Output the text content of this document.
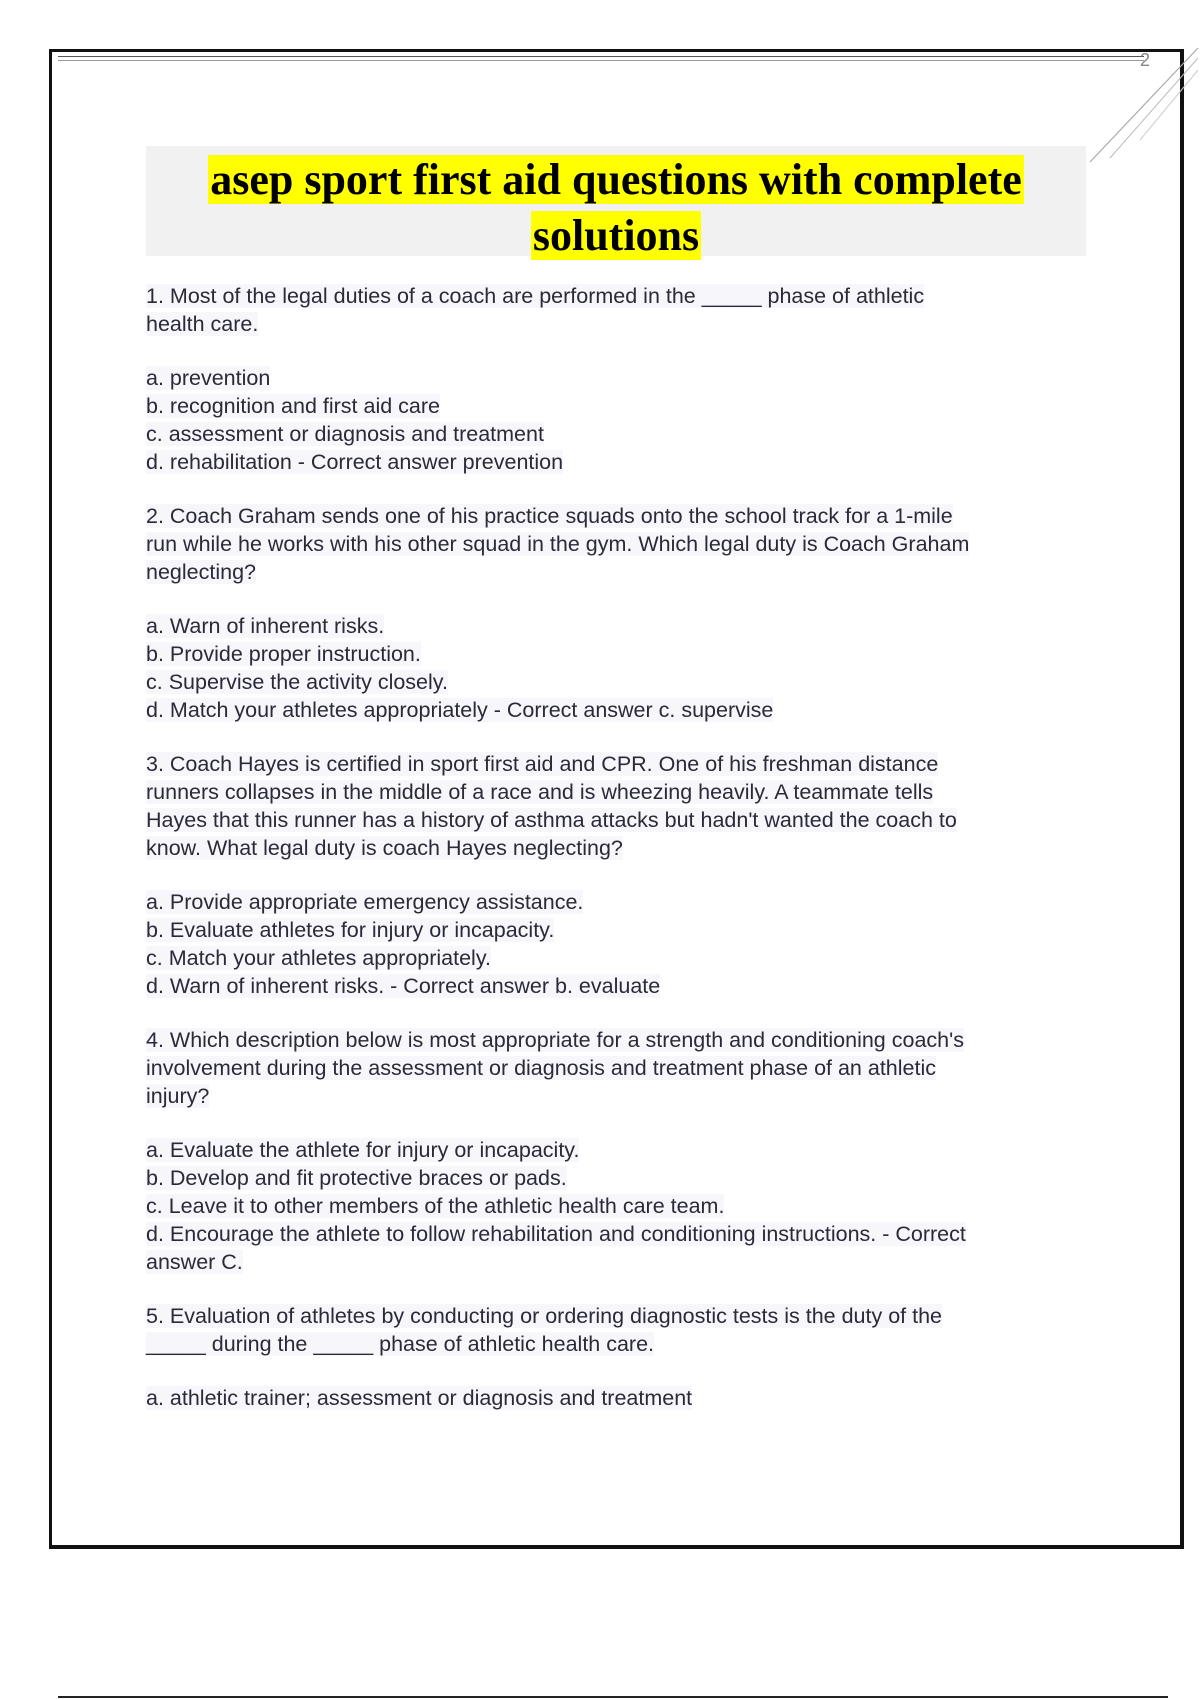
2
asep sport first aid questions with complete
solutions
1. Most of the legal duties of a coach are performed in the _____ phase of athletic
health care.
a. prevention
b. recognition and first aid care
c. assessment or diagnosis and treatment
d. rehabilitation - Correct answer prevention
2. Coach Graham sends one of his practice squads onto the school track for a 1-mile
run while he works with his other squad in the gym. Which legal duty is Coach Graham
neglecting?
a. Warn of inherent risks.
b. Provide proper instruction.
c. Supervise the activity closely.
d. Match your athletes appropriately - Correct answer c. supervise
3. Coach Hayes is certified in sport first aid and CPR. One of his freshman distance
runners collapses in the middle of a race and is wheezing heavily. A teammate tells
Hayes that this runner has a history of asthma attacks but hadn't wanted the coach to
know. What legal duty is coach Hayes neglecting?
a. Provide appropriate emergency assistance.
b. Evaluate athletes for injury or incapacity.
c. Match your athletes appropriately.
d. Warn of inherent risks. - Correct answer b. evaluate
4. Which description below is most appropriate for a strength and conditioning coach's
involvement during the assessment or diagnosis and treatment phase of an athletic
injury?
a. Evaluate the athlete for injury or incapacity.
b. Develop and fit protective braces or pads.
c. Leave it to other members of the athletic health care team.
d. Encourage the athlete to follow rehabilitation and conditioning instructions. - Correct
answer C.
5. Evaluation of athletes by conducting or ordering diagnostic tests is the duty of the
_____ during the _____ phase of athletic health care.
a. athletic trainer; assessment or diagnosis and treatment
